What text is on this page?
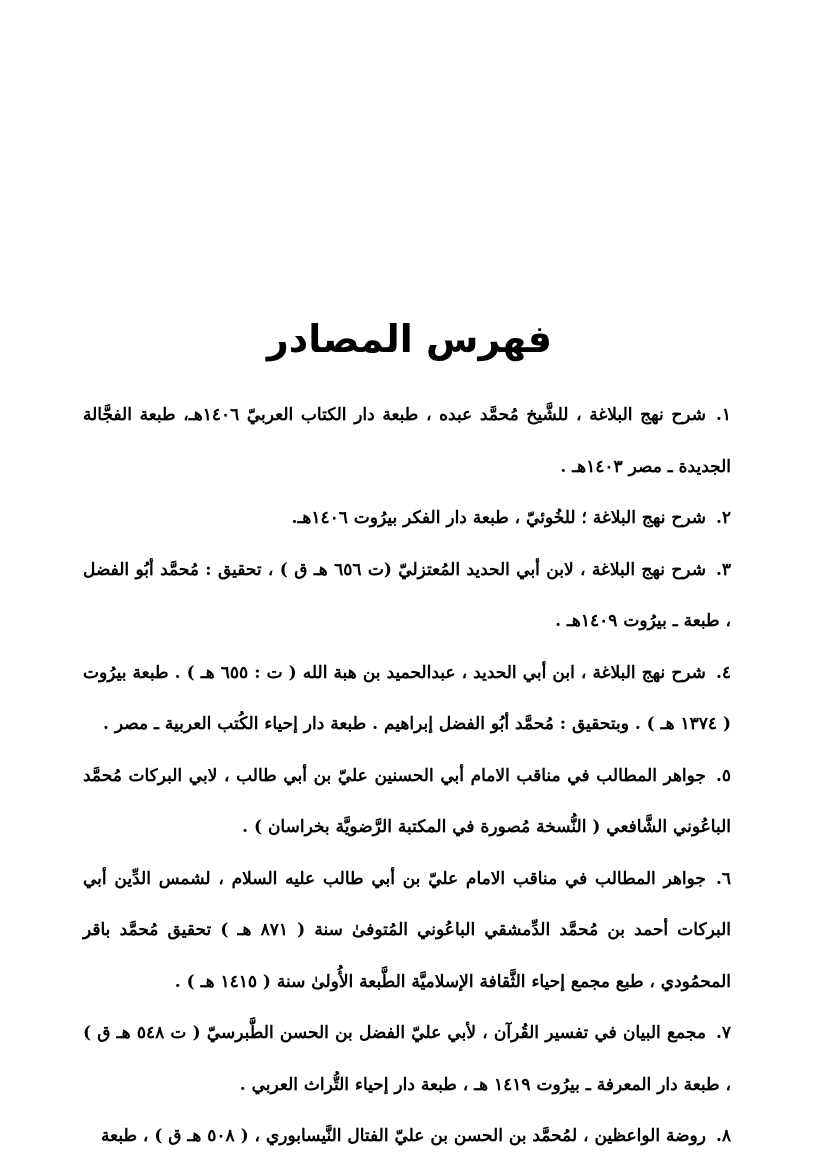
فهرس المصادر
١.شرح نهج البلاغة ، للشَّيخ مُحمَّد عبده ، طبعة دار الكتاب العربيّ ١٤٠٦هـ، طبعة الفجَّالة الجديدة ـ مصر ١٤٠٣هـ .
٢.شرح نهج البلاغة ؛ للخُوئيّ ، طبعة دار الفكر بيرُوت ١٤٠٦هـ.
٣.شرح نهج البلاغة ، لابن أبي الحديد المُعتزليّ (ت ٦٥٦ هـ ق ) ، تحقيق : مُحمَّد أبُو الفضل ، طبعة ـ بيرُوت ١٤٠٩هـ .
٤.شرح نهج البلاغة ، ابن أبي الحديد ، عبدالحميد بن هبة الله ( ت : ٦٥٥ هـ ) . طبعة بيرُوت ( ١٣٧٤ هـ ) . وبتحقيق : مُحمَّد أبُو الفضل إبراهيم . طبعة دار إحياء الكُتب العربية ـ مصر .
٥.جواهر المطالب في مناقب الامام أبي الحسنين عليّ بن أبي طالب ، لابي البركات مُحمَّد الباعُوني الشَّافعي ( النُّسخة مُصورة في المكتبة الرَّضويَّة بخراسان ) .
٦.جواهر المطالب في مناقب الامام عليّ بن أبي طالب عليه السلام ، لشمس الدِّين أبي البركات أحمد بن مُحمَّد الدِّمشقي الباعُوني المُتوفىٰ سنة ( ٨٧١ هـ ) تحقيق مُحمَّد باقر المحمُودي ، طبع مجمع إحياء الثَّقافة الإسلاميَّة الطَّبعة الأُولىٰ سنة ( ١٤١٥ هـ ) .
٧.مجمع البيان في تفسير القُرآن ، لأبي عليّ الفضل بن الحسن الطَّبرسيّ ( ت ٥٤٨ هـ ق ) ، طبعة دار المعرفة ـ بيرُوت ١٤١٩ هـ ، طبعة دار إحياء التُّراث العربي .
٨.روضة الواعظين ، لمُحمَّد بن الحسن بن عليّ الفتال النَّيسابوري ، ( ٥٠٨ هـ ق ) ، طبعة
